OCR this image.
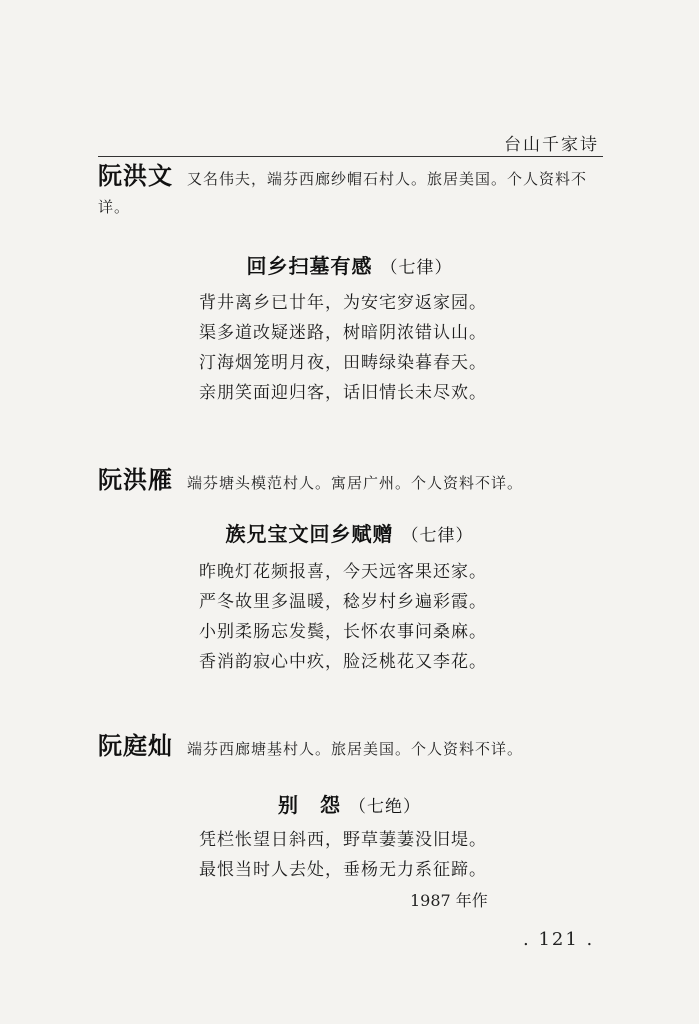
台山千家诗
阮洪文 又名伟夫，端芬西廊纱帽石村人。旅居美国。个人资料不详。
回乡扫墓有感 （七律）
背井离乡已廿年，为安宅穸返家园。
渠多道改疑迷路，树暗阴浓错认山。
汀海烟笼明月夜，田畴绿染暮春天。
亲朋笑面迎归客，话旧情长未尽欢。
阮洪雁 端芬塘头模范村人。寓居广州。个人资料不详。
族兄宝文回乡赋赠 （七律）
昨晚灯花频报喜，今天远客果还家。
严冬故里多温暖，稔岁村乡遍彩霞。
小别柔肠忘发鬓，长怀农事问桑麻。
香消韵寂心中疚，脸泛桃花又李花。
阮庭灿 端芬西廊塘基村人。旅居美国。个人资料不详。
别　怨 （七绝）
凭栏怅望日斜西，野草萋萋没旧堤。
最恨当时人去处，垂杨无力系征蹄。
1987 年作
. 121 .
